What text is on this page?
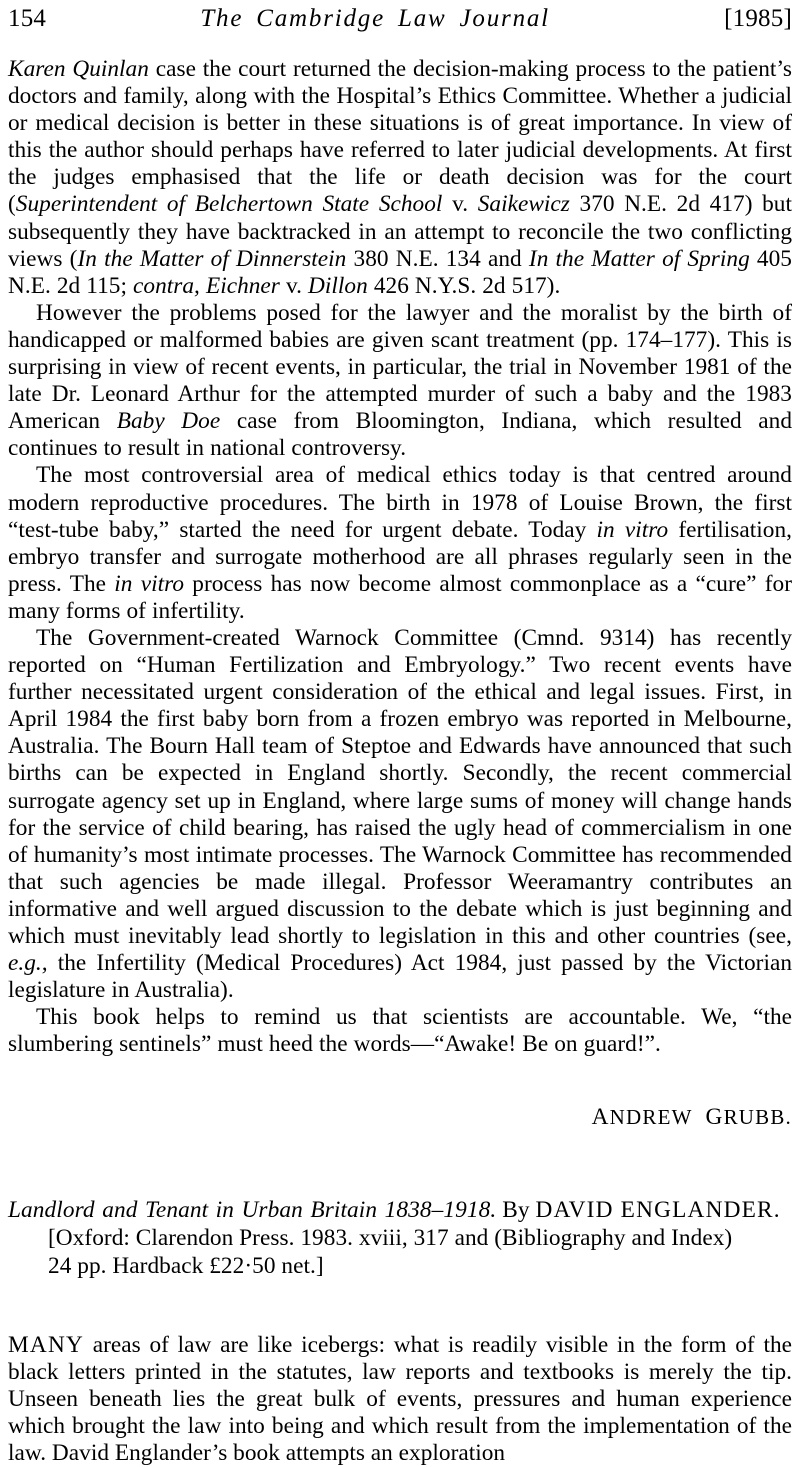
154	The Cambridge Law Journal	[1985]

Karen Quinlan case the court returned the decision-making process to the patient’s doctors and family, along with the Hospital’s Ethics Committee. Whether a judicial or medical decision is better in these situations is of great importance. In view of this the author should perhaps have referred to later judicial developments. At first the judges emphasised that the life or death decision was for the court (Superintendent of Belchertown State School v. Saikewicz 370 N.E. 2d 417) but subsequently they have backtracked in an attempt to reconcile the two conflicting views (In the Matter of Dinnerstein 380 N.E. 134 and In the Matter of Spring 405 N.E. 2d 115; contra, Eichner v. Dillon 426 N.Y.S. 2d 517).

However the problems posed for the lawyer and the moralist by the birth of handicapped or malformed babies are given scant treatment (pp. 174–177). This is surprising in view of recent events, in particular, the trial in November 1981 of the late Dr. Leonard Arthur for the attempted murder of such a baby and the 1983 American Baby Doe case from Bloomington, Indiana, which resulted and continues to result in national controversy.

The most controversial area of medical ethics today is that centred around modern reproductive procedures. The birth in 1978 of Louise Brown, the first “test-tube baby,” started the need for urgent debate. Today in vitro fertilisation, embryo transfer and surrogate motherhood are all phrases regularly seen in the press. The in vitro process has now become almost commonplace as a “cure” for many forms of infertility.

The Government-created Warnock Committee (Cmnd. 9314) has recently reported on “Human Fertilization and Embryology.” Two recent events have further necessitated urgent consideration of the ethical and legal issues. First, in April 1984 the first baby born from a frozen embryo was reported in Melbourne, Australia. The Bourn Hall team of Steptoe and Edwards have announced that such births can be expected in England shortly. Secondly, the recent commercial surrogate agency set up in England, where large sums of money will change hands for the service of child bearing, has raised the ugly head of commercialism in one of humanity’s most intimate processes. The Warnock Committee has recommended that such agencies be made illegal. Professor Weeramantry contributes an informative and well argued discussion to the debate which is just beginning and which must inevitably lead shortly to legislation in this and other countries (see, e.g., the Infertility (Medical Procedures) Act 1984, just passed by the Victorian legislature in Australia).

This book helps to remind us that scientists are accountable. We, “the slumbering sentinels” must heed the words—“Awake! Be on guard!”.

ANDREW GRUBB.
Landlord and Tenant in Urban Britain 1838–1918. By DAVID ENGLANDER.
[Oxford: Clarendon Press. 1983. xviii, 317 and (Bibliography and Index)
24 pp. Hardback £22·50 net.]

MANY areas of law are like icebergs: what is readily visible in the form of the black letters printed in the statutes, law reports and textbooks is merely the tip. Unseen beneath lies the great bulk of events, pressures and human experience which brought the law into being and which result from the implementation of the law. David Englander’s book attempts an exploration
